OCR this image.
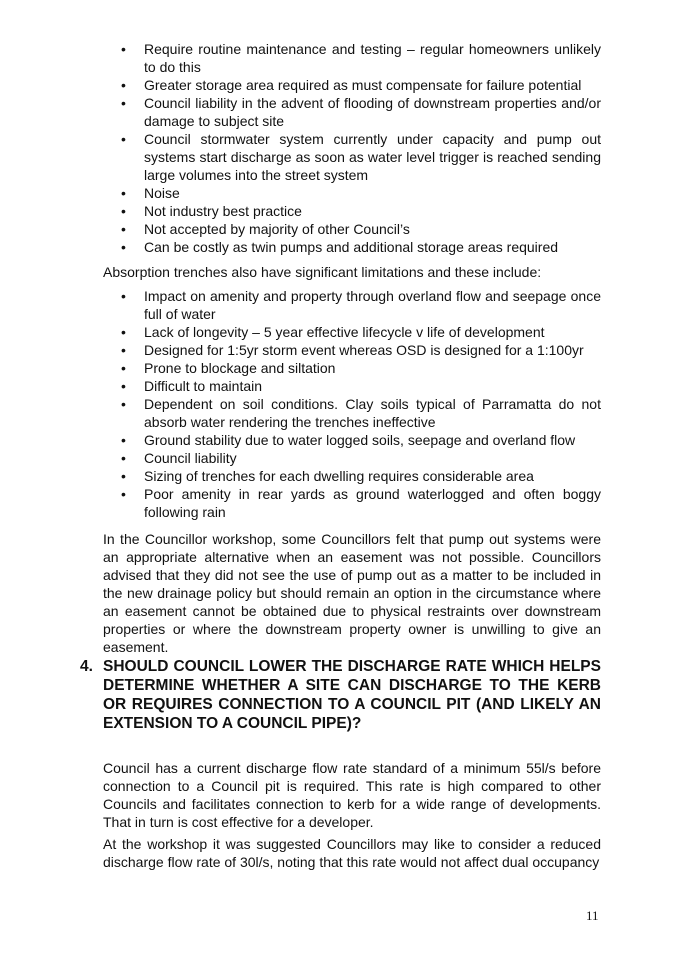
• Require routine maintenance and testing – regular homeowners unlikely to do this
• Greater storage area required as must compensate for failure potential
• Council liability in the advent of flooding of downstream properties and/or damage to subject site
• Council stormwater system currently under capacity and pump out systems start discharge as soon as water level trigger is reached sending large volumes into the street system
• Noise
• Not industry best practice
• Not accepted by majority of other Council’s
• Can be costly as twin pumps and additional storage areas required

Absorption trenches also have significant limitations and these include:

• Impact on amenity and property through overland flow and seepage once full of water
• Lack of longevity – 5 year effective lifecycle v life of development
• Designed for 1:5yr storm event whereas OSD is designed for a 1:100yr
• Prone to blockage and siltation
• Difficult to maintain
• Dependent on soil conditions. Clay soils typical of Parramatta do not absorb water rendering the trenches ineffective
• Ground stability due to water logged soils, seepage and overland flow
• Council liability
• Sizing of trenches for each dwelling requires considerable area
• Poor amenity in rear yards as ground waterlogged and often boggy following rain

In the Councillor workshop, some Councillors felt that pump out systems were an appropriate alternative when an easement was not possible. Councillors advised that they did not see the use of pump out as a matter to be included in the new drainage policy but should remain an option in the circumstance where an easement cannot be obtained due to physical restraints over downstream properties or where the downstream property owner is unwilling to give an easement.

4. SHOULD COUNCIL LOWER THE DISCHARGE RATE WHICH HELPS DETERMINE WHETHER A SITE CAN DISCHARGE TO THE KERB OR REQUIRES CONNECTION TO A COUNCIL PIT (AND LIKELY AN EXTENSION TO A COUNCIL PIPE)?

Council has a current discharge flow rate standard of a minimum 55l/s before connection to a Council pit is required. This rate is high compared to other Councils and facilitates connection to kerb for a wide range of developments. That in turn is cost effective for a developer.

At the workshop it was suggested Councillors may like to consider a reduced discharge flow rate of 30l/s, noting that this rate would not affect dual occupancy

11
